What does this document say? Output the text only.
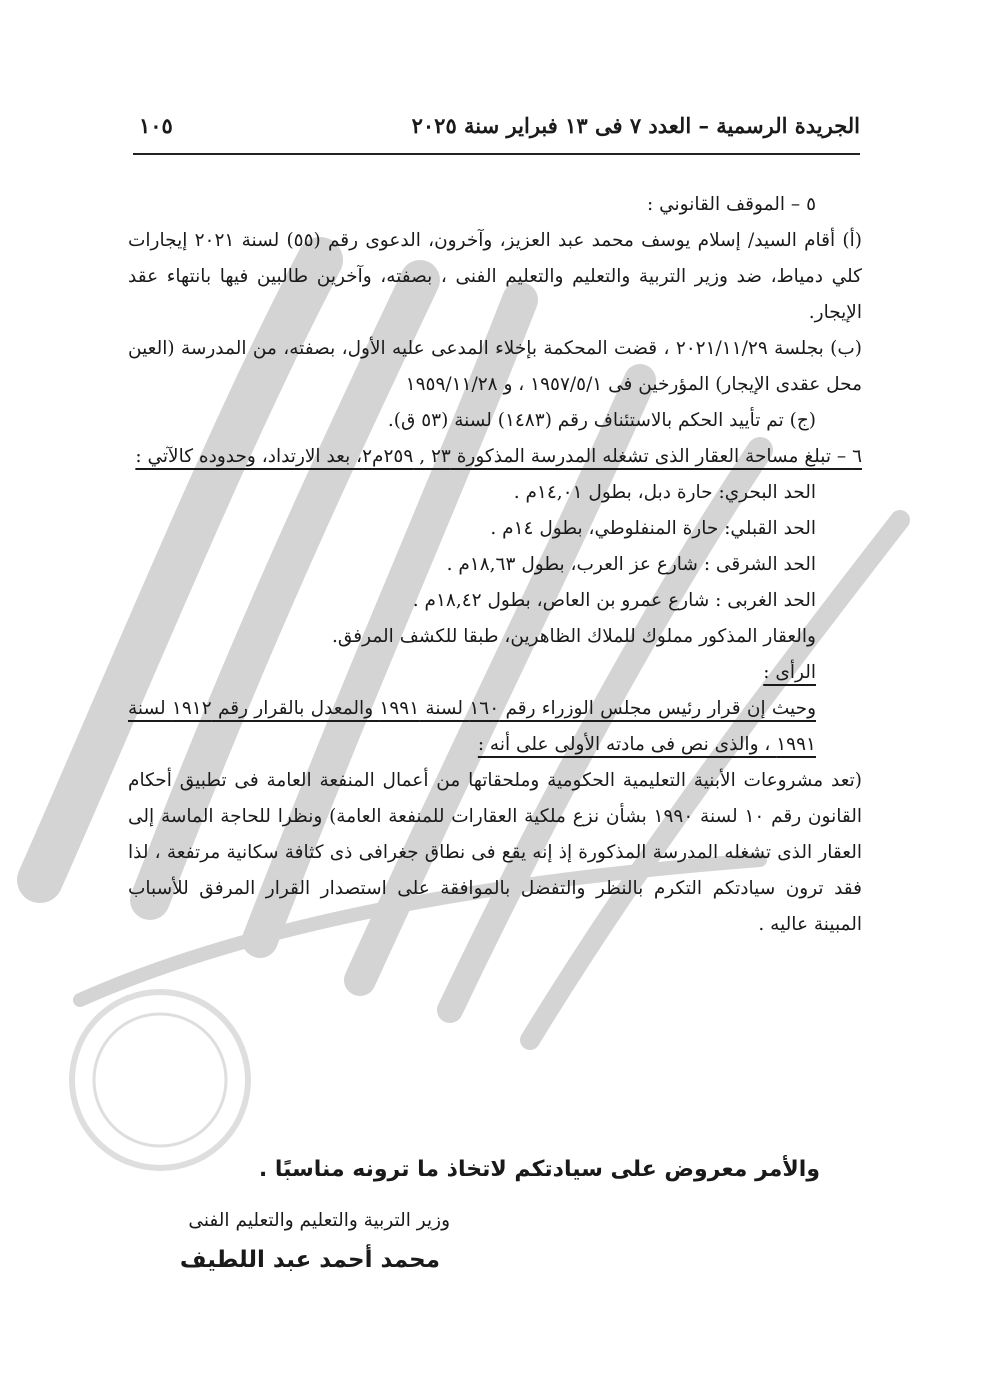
الجريدة الرسمية – العدد ٧ فى ١٣ فبراير سنة ٢٠٢٥
١٠٥

٥ – الموقف القانوني :

(أ) أقام السيد/ إسلام يوسف محمد عبد العزيز، وآخرون، الدعوى رقم (٥٥) لسنة ٢٠٢١ إيجارات كلي دمياط، ضد وزير التربية والتعليم والتعليم الفنى ، بصفته، وآخرين طالبين فيها بانتهاء عقد الإيجار.

(ب) بجلسة ٢٠٢١/١١/٢٩ ، قضت المحكمة بإخلاء المدعى عليه الأول، بصفته، من المدرسة (العين محل عقدى الإيجار) المؤرخين فى ١٩٥٧/٥/١ ، و ١٩٥٩/١١/٢٨

(ج) تم تأييد الحكم بالاستئناف رقم (١٤٨٣) لسنة (٥٣ ق).

٦ – تبلغ مساحة العقار الذى تشغله المدرسة المذكورة ٢٣ , ٢٥٩م٢، بعد الارتداد، وحدوده كالآتي :

الحد البحري: حارة دبل، بطول ١٤,٠١م .

الحد القبلي: حارة المنفلوطي، بطول ١٤م .

الحد الشرقى : شارع عز العرب، بطول ١٨,٦٣م .

الحد الغربى : شارع عمرو بن العاص، بطول ١٨,٤٢م .

والعقار المذكور مملوك للملاك الظاهرين، طبقا للكشف المرفق.

الرأى :

وحيث إن قرار رئيس مجلس الوزراء رقم ١٦٠ لسنة ١٩٩١ والمعدل بالقرار رقم ١٩١٢ لسنة ١٩٩١ ، والذى نص فى مادته الأولى على أنه :

(تعد مشروعات الأبنية التعليمية الحكومية وملحقاتها من أعمال المنفعة العامة فى تطبيق أحكام القانون رقم ١٠ لسنة ١٩٩٠ بشأن نزع ملكية العقارات للمنفعة العامة) ونظرا للحاجة الماسة إلى العقار الذى تشغله المدرسة المذكورة إذ إنه يقع فى نطاق جغرافى ذى كثافة سكانية مرتفعة ، لذا فقد ترون سيادتكم التكرم بالنظر والتفضل بالموافقة على استصدار القرار المرفق للأسباب المبينة عاليه .

والأمر معروض على سيادتكم لاتخاذ ما ترونه مناسبًا .
وزير التربية والتعليم والتعليم الفنى
محمد أحمد عبد اللطيف
